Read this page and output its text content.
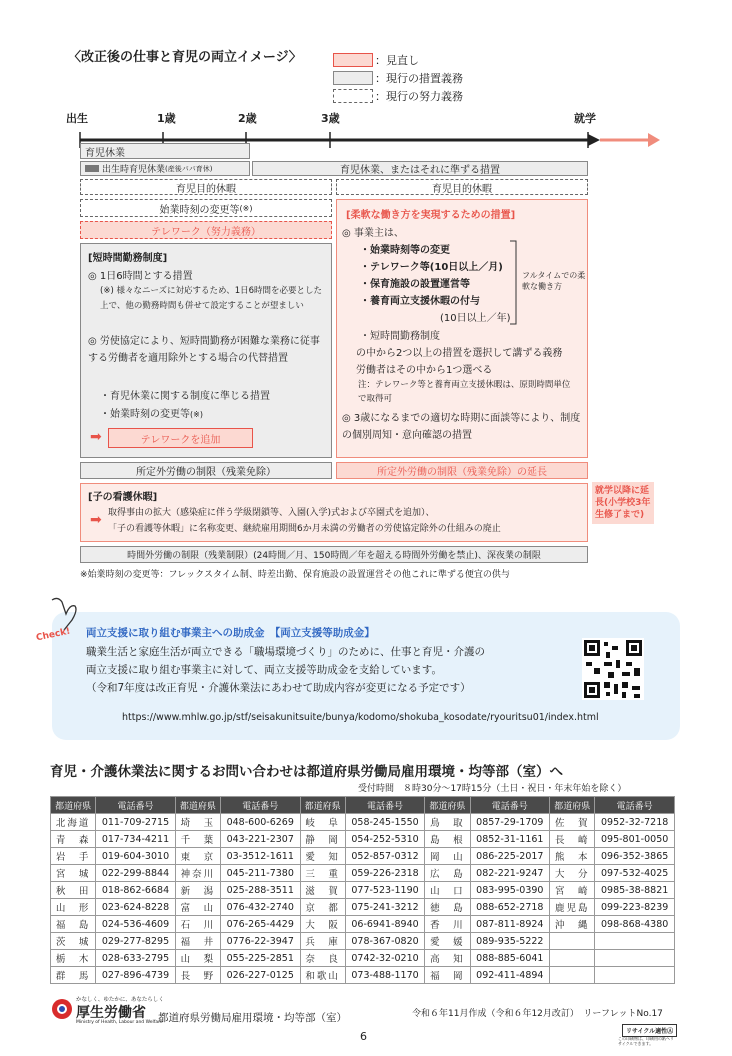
〈改正後の仕事と育児の両立イメージ〉	：見直し
：現行の措置義務
：現行の努力義務
出生	1歳	2歳	3歳	就学
育児休業
出生時育児休業 (産後パパ育休)	育児休業、またはそれに準ずる措置
育児目的休暇	育児目的休暇
始業時刻の変更等 (※)
テレワーク（努力義務）
[短時間勤務制度]
◎ 1日6時間とする措置
(※) 様々なニーズに対応するため、1日6時間を必要とした上で、他の勤務時間も併せて設定することが望ましい
◎ 労使協定により、短時間勤務が困難な業務に従事する労働者を適用除外とする場合の代替措置
・育児休業に関する制度に準じる措置
・始業時刻の変更等(※)
➡	テレワークを追加
[柔軟な働き方を実現するための措置]
◎ 事業主は、
・始業時刻等の変更
・テレワーク等(10日以上／月)
・保育施設の設置運営等
・養育両立支援休暇の付与
(10日以上／年)
フルタイムでの柔軟な働き方
・短時間勤務制度
の中から2つ以上の措置を選択して講ずる義務
労働者はその中から1つ選べる
注：テレワーク等と養育両立支援休暇は、原則時間単位で取得可
◎ 3歳になるまでの適切な時期に面談等により、制度の個別周知・意向確認の措置
所定外労働の制限（残業免除）	所定外労働の制限（残業免除）の延長
就学以降に延長(小学校3年生修了まで)
[子の看護休暇]
➡ 取得事由の拡大（感染症に伴う学級閉鎖等、入園(入学)式および卒園式を追加）、
「子の看護等休暇」に名称変更、継続雇用期間6か月未満の労働者の労使協定除外の仕組みの廃止
時間外労働の制限（残業制限）(24時間／月、150時間／年を超える時間外労働を禁止)、深夜業の制限
※始業時刻の変更等：フレックスタイム制、時差出勤、保育施設の設置運営その他これに準ずる便宜の供与
Check! 両立支援に取り組む事業主への助成金　【両立支援等助成金】
職業生活と家庭生活が両立できる「職場環境づくり」のために、仕事と育児・介護の
両立支援に取り組む事業主に対して、両立支援等助成金を支給しています。
（令和7年度は改正育児・介護休業法にあわせて助成内容が変更になる予定です）
https://www.mhlw.go.jp/stf/seisakunitsuite/bunya/kodomo/shokuba_kosodate/ryouritsu01/index.html
育児・介護休業法に関するお問い合わせは都道府県労働局雇用環境・均等部（室）へ
受付時間　８時30分～17時15分（土日・祝日・年末年始を除く）
都道府県	電話番号	都道府県	電話番号	都道府県	電話番号	都道府県	電話番号	都道府県	電話番号
北海道	011-709-2715	埼　玉	048-600-6269	岐　阜	058-245-1550	鳥　取	0857-29-1709	佐　賀	0952-32-7218
青　森	017-734-4211	千　葉	043-221-2307	静　岡	054-252-5310	島　根	0852-31-1161	長　崎	095-801-0050
岩　手	019-604-3010	東　京	03-3512-1611	愛　知	052-857-0312	岡　山	086-225-2017	熊　本	096-352-3865
宮　城	022-299-8844	神奈川	045-211-7380	三　重	059-226-2318	広　島	082-221-9247	大　分	097-532-4025
秋　田	018-862-6684	新　潟	025-288-3511	滋　賀	077-523-1190	山　口	083-995-0390	宮　崎	0985-38-8821
山　形	023-624-8228	富　山	076-432-2740	京　都	075-241-3212	徳　島	088-652-2718	鹿児島	099-223-8239
福　島	024-536-4609	石　川	076-265-4429	大　阪	06-6941-8940	香　川	087-811-8924	沖　縄	098-868-4380
茨　城	029-277-8295	福　井	0776-22-3947	兵　庫	078-367-0820	愛　媛	089-935-5222		
栃　木	028-633-2795	山　梨	055-225-2851	奈　良	0742-32-0210	高　知	088-885-6041		
群　馬	027-896-4739	長　野	026-227-0125	和歌山	073-488-1170	福　岡	092-411-4894		
かなしく、ゆたかに、あなたらしく
厚生労働省
Ministry of Health, Labour and Welfare
都道府県労働局雇用環境・均等部（室）	令和６年11月作成（令和６年12月改訂）　リーフレットNo.17
リサイクル適性Ⓐ
この印刷物は、印刷用の紙へリサイクルできます。
6
